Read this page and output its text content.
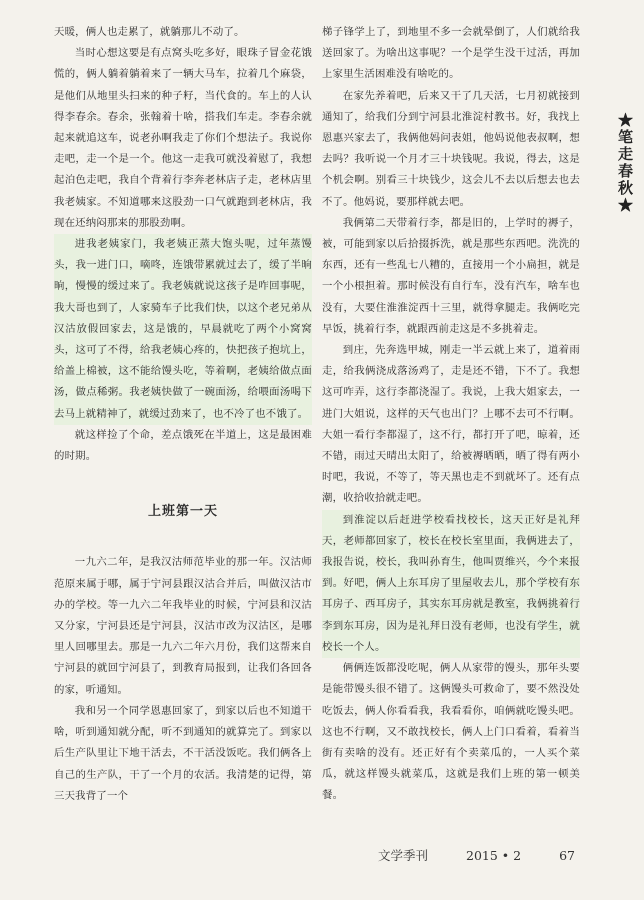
天暖，俩人也走累了，就躺那儿不动了。

当时心想这要是有点窝头吃多好，眼珠子冒金花饿慌的，俩人躺着躺着来了一辆大马车，拉着几个麻袋，是他们从地里头扫来的种子籽，当代食的。车上的人认得李春余。春余，张翰着十啥，搭我们车走。李春余就起来就追这车，说老孙啊我走了你们个想法子。我说你走吧，走一个是一个。他这一走我可就没着慰了，我想起泊色走吧，我自个背着行李奔老林店子走，老林店里我老姨家。不知道哪来这股劲一口气就跑到老林店，我现在还纳闷那来的那股劲啊。

进我老姨家门，我老姨正蒸大饱头呢，过年蒸馒头，我一进门口，嘀咚，连饿带累就过去了，缓了半晌晌，慢慢的缓过来了。我老姨就说这孩子是咋回事呢，我大哥也到了，人家骑车子比我们快，以这个老兄弟从汉沽放假回家去，这是饿的，早晨就吃了两个小窝窝头，这可了不得，给我老姨心疼的，快把孩子抱坑上，给盖上棉被，这不能给馒头吃，等着啊，老姨给做点面汤，做点稀粥。我老姨快做了一碗面汤，给喂面汤喝下去马上就精神了，就缓过劲来了，也不冷了也不饿了。

就这样捡了个命，差点饿死在半道上，这是最困难的时期。

上班第一天

一九六二年，是我汉沽师范毕业的那一年。汉沽师范原来属于哪，属于宁河县跟汉沽合并后，叫做汉沽市办的学校。等一九六二年我毕业的时候，宁河县和汉沽又分家，宁河县还是宁河县，汉沽市改为汉沽区，是哪里人回哪里去。那是一九六二年六月份，我们这帮来自宁河县的就回宁河县了，到教育局报到，让我们各回各的家，听通知。

我和另一个同学恩惠回家了，到家以后也不知道干啥，听到通知就分配，听不到通知的就算完了。到家以后生产队里让下地干活去，不干活没饭吃。我们俩各上自己的生产队，干了一个月的农活。我清楚的记得，第三天我背了一个

梯子锋学上了，到地里不多一会就晕倒了，人们就给我送回家了。为啥出这事呢？一个是学生没干过活，再加上家里生活困难没有啥吃的。

在家先养着吧，后来又干了几天活，七月初就接到通知了，给我们分到宁河县北淮淀村教书。好，我找上恩惠兴家去了，我俩他妈问表姐，他妈说他表叔啊，想去吗？我听说一个月才三十块钱呢。我说，得去，这是个机会啊。别看三十块钱少，这会儿不去以后想去也去不了。他妈说，要那样就去吧。

我俩第二天带着行李，都是旧的，上学时的褥子，被，可能到家以后拾掇拆洗，就是那些东西吧。洗洗的东西，还有一些乱七八糟的，直接用一个小扁担，就是一个小根担着。那时候没有自行车，没有汽车，啥车也没有，大要住淮淮淀西十三里，就得拿腿走。我俩吃完早饭，挑着行李，就跟西前走这是不多挑着走。

到庄，先奔选甲城，刚走一半云就上来了，道着雨走，给我俩浇成落汤鸡了，走是还不错，下不了。我想这可咋弄，这行李都浇湿了。我说，上我大姐家去，一进门大姐说，这样的天气也出门？上哪不去可不行啊。大姐一看行李都湿了，这不行，都打开了吧，晾着，还不错，雨过天晴出太阳了，给被褥晒晒，晒了得有两小时吧，我说，不等了，等天黑也走不到就坏了。还有点潮，收拾收拾就走吧。

到淮淀以后赶进学校看找校长，这天正好是礼拜天，老师都回家了，校长在校长室里面，我俩进去了，我报告说，校长，我叫孙育生，他叫贾维兴，今个来报到。好吧，俩人上东耳房了里屋收去儿，那个学校有东耳房子、西耳房子，其实东耳房就是教室，我俩挑着行李到东耳房，因为是礼拜日没有老师，也没有学生，就校长一个人。

俩俩连饭都没吃呢，俩人从家带的馒头，那年头要是能带馒头很不错了。这俩馒头可救命了，要不然没处吃饭去，俩人你看看我，我看看你，咱俩就吃馒头吧。这也不行啊，又不敢找校长，俩人上门口看着，看着当街有卖啥的没有。还正好有个卖菜瓜的，一人买个菜瓜，就这样馒头就菜瓜，这就是我们上班的第一顿美餐。

★笔走春秋★
文学季刊	2015 • 2	67
